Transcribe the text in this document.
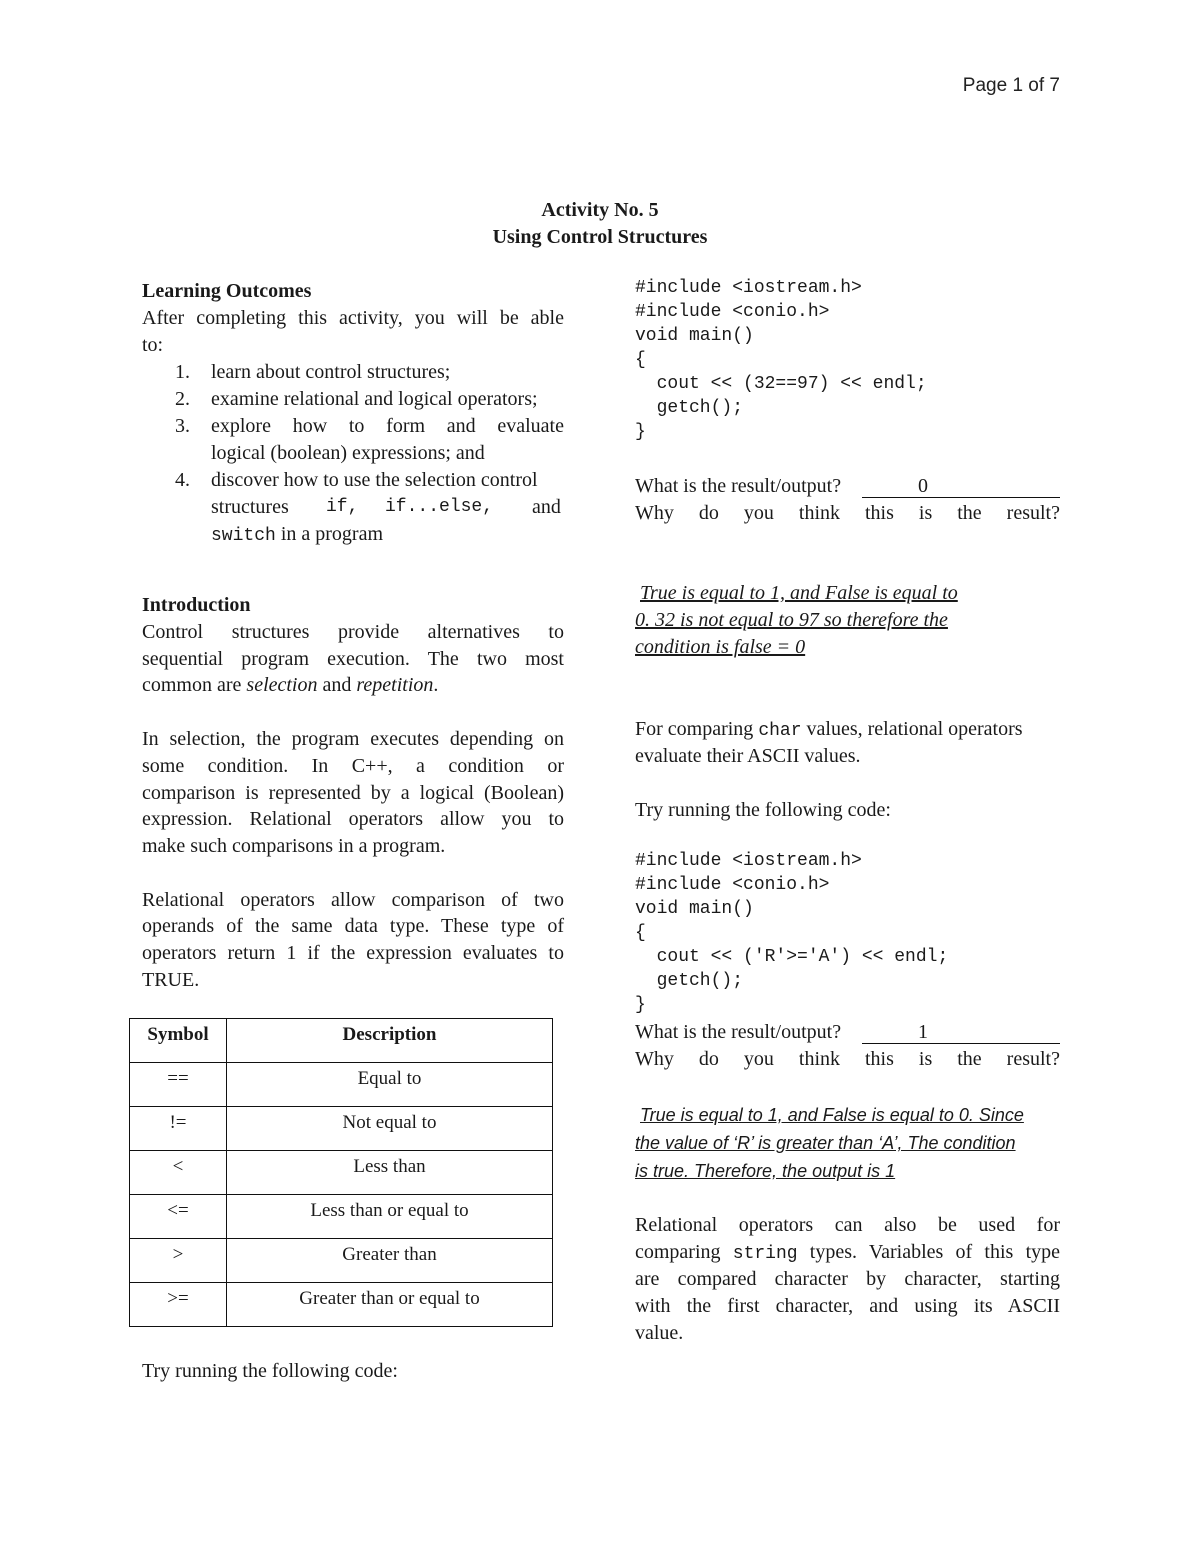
Page 1 of 7
Activity No. 5
Using Control Structures
Learning Outcomes
After completing this activity, you will be able
to:
1. learn about control structures;
2. examine relational and logical operators;
3. explore how to form and evaluate
logical (boolean) expressions; and
4. discover how to use the selection control
structures if, if...else, and
switch in a program
Introduction
Control structures provide alternatives to
sequential program execution. The two most
common are selection and repetition.
In selection, the program executes depending on
some condition. In C++, a condition or
comparison is represented by a logical (Boolean)
expression. Relational operators allow you to
make such comparisons in a program.
Relational operators allow comparison of two
operands of the same data type. These type of
operators return 1 if the expression evaluates to
TRUE.
Symbol	Description

==	Equal to

!=	Not equal to

<	Less than

<=	Less than or equal to

>	Greater than

>=	Greater than or equal to
Try running the following code:
#include <iostream.h>
#include <conio.h>
void main()
{
cout << (32==97) << endl;
getch();
}
What is the result/output?	0
Why do you think this is the result?
True is equal to 1, and False is equal to
0. 32 is not equal to 97 so therefore the
condition is false = 0
For comparing char values, relational operators
evaluate their ASCII values.
Try running the following code:
#include <iostream.h>
#include <conio.h>
void main()
{
cout << ('R'>='A') << endl;
getch();
}
What is the result/output?	1
Why do you think this is the result?
True is equal to 1, and False is equal to 0. Since
the value of ‘R’ is greater than ‘A’, The condition
is true. Therefore, the output is 1
Relational operators can also be used for
comparing string types. Variables of this type
are compared character by character, starting
with the first character, and using its ASCII
value.
